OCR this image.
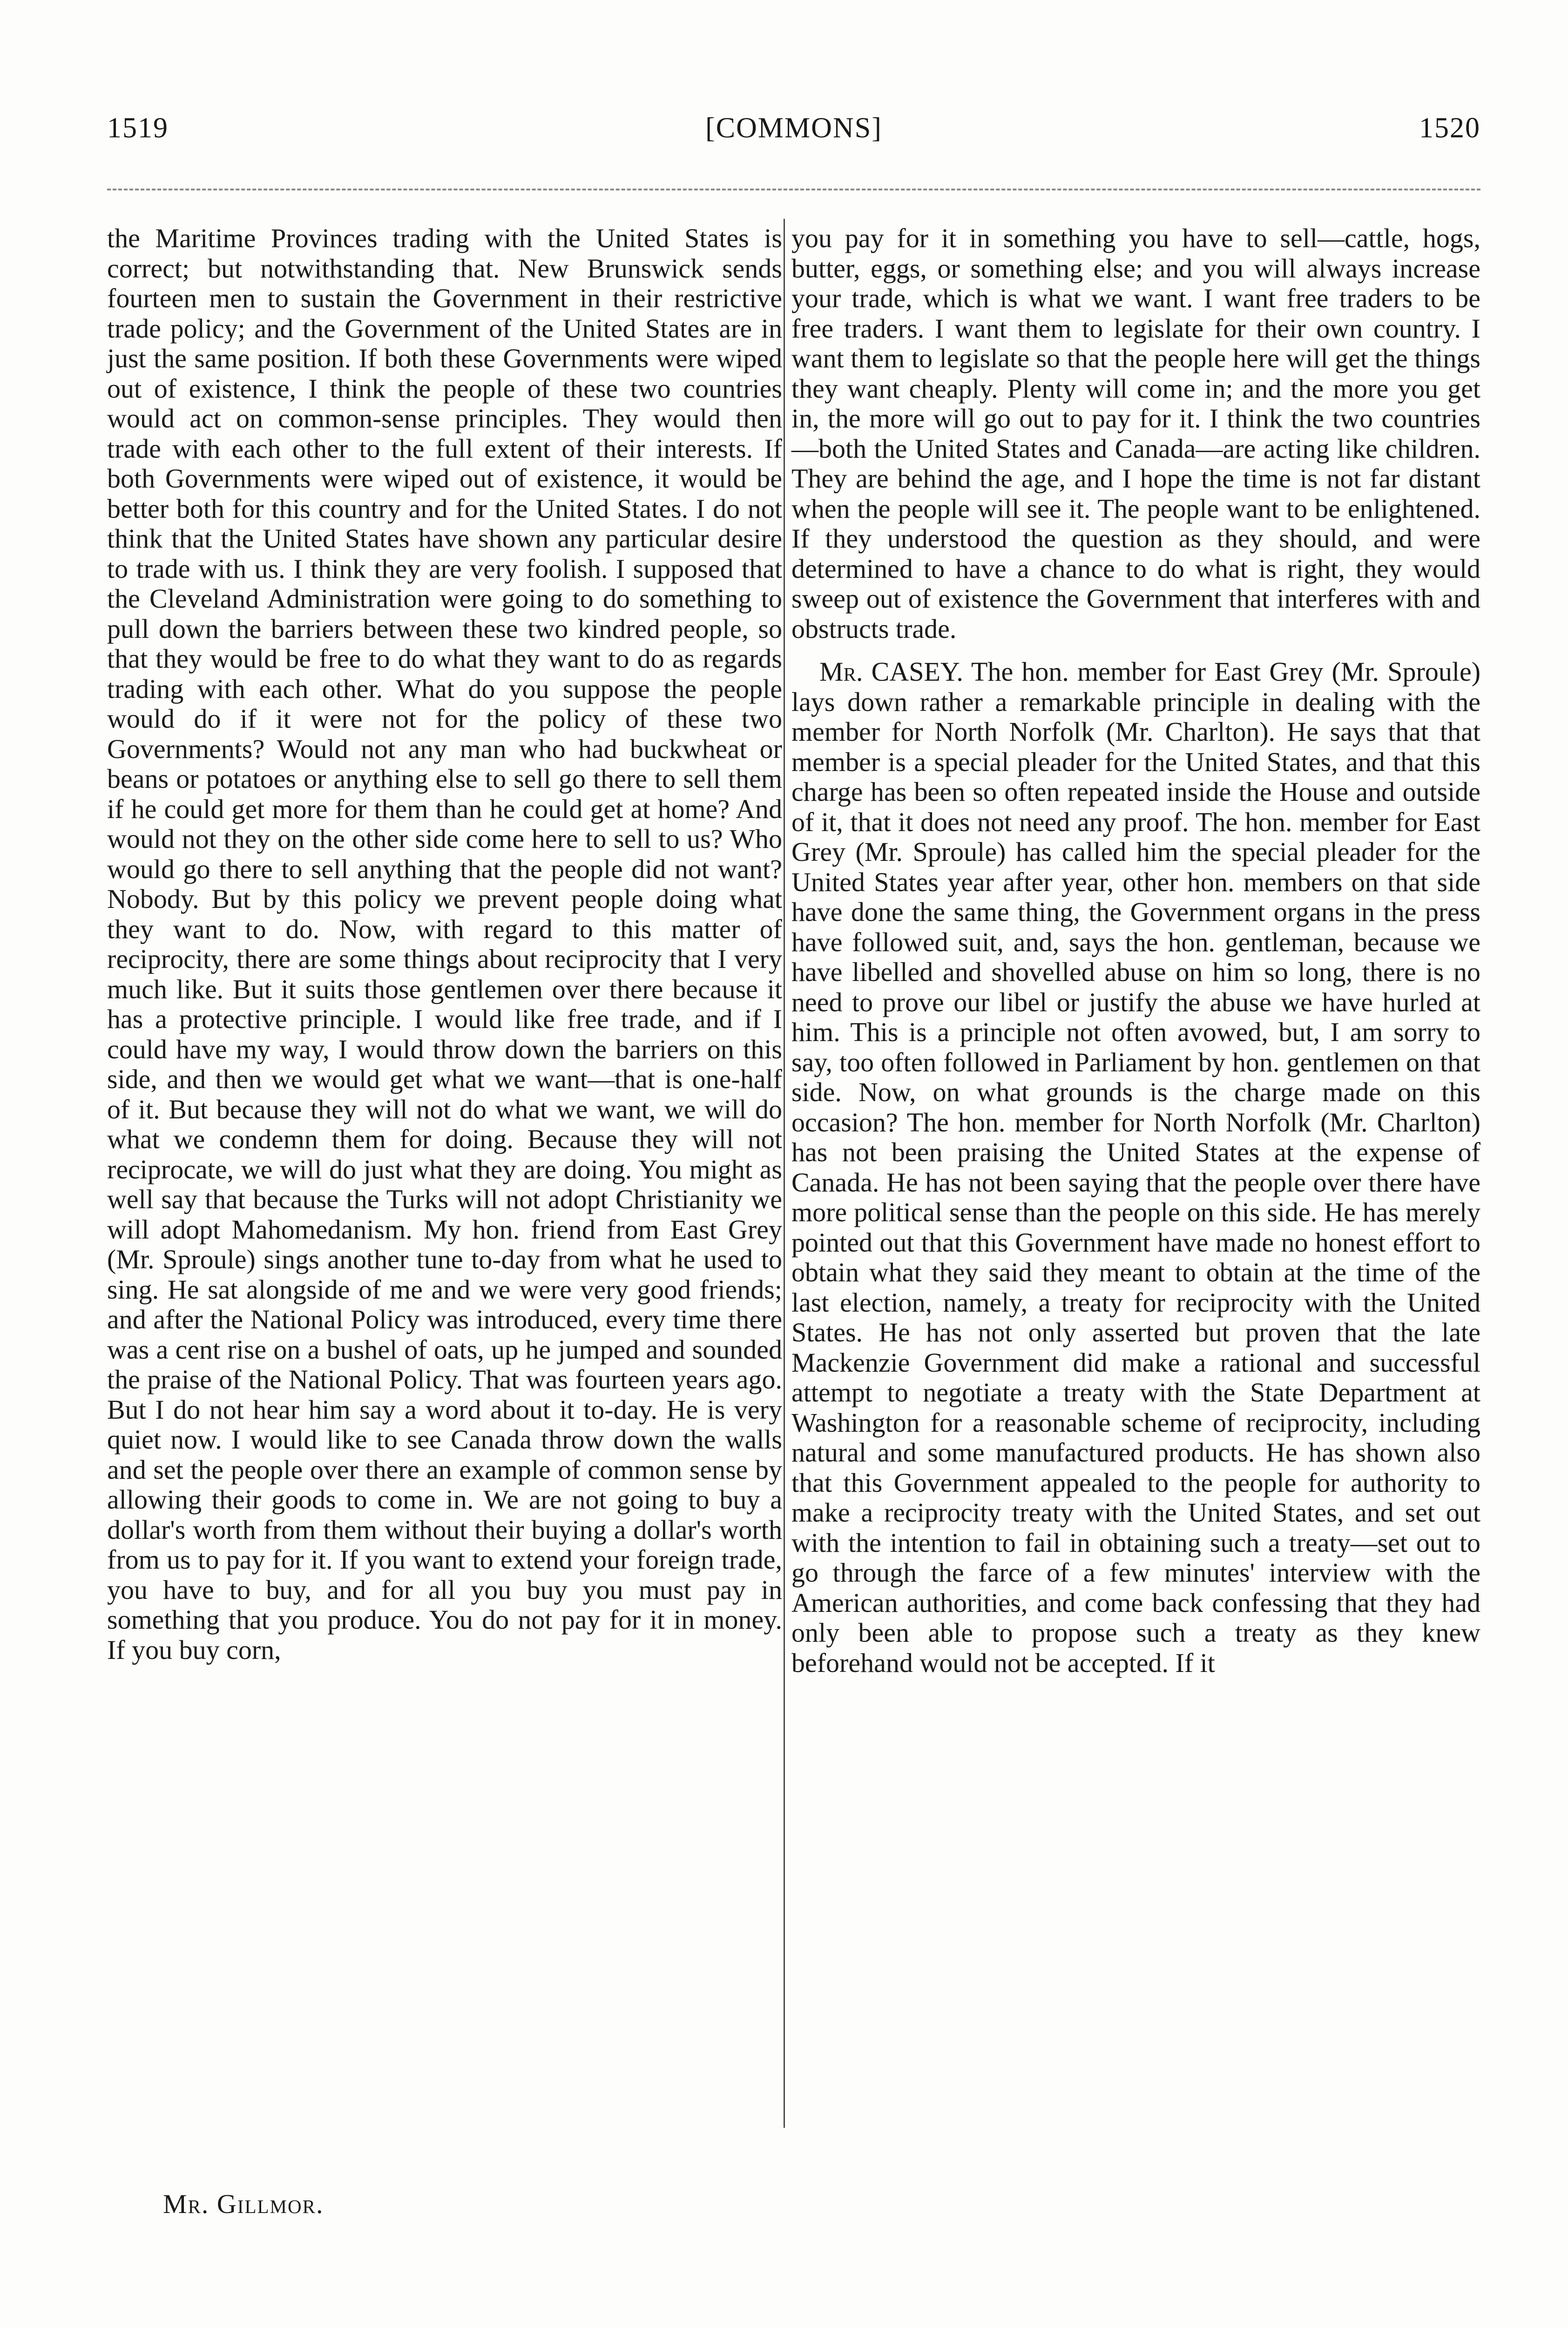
1519	[COMMONS]	1520

the Maritime Provinces trading with the United States is correct; but notwithstanding that. New Brunswick sends fourteen men to sustain the Government in their restrictive trade policy; and the Government of the United States are in just the same position. If both these Governments were wiped out of existence, I think the people of these two countries would act on common-sense principles. They would then trade with each other to the full extent of their interests. If both Governments were wiped out of existence, it would be better both for this country and for the United States. I do not think that the United States have shown any particular desire to trade with us. I think they are very foolish. I supposed that the Cleveland Administration were going to do something to pull down the barriers between these two kindred people, so that they would be free to do what they want to do as regards trading with each other. What do you suppose the people would do if it were not for the policy of these two Governments? Would not any man who had buckwheat or beans or potatoes or anything else to sell go there to sell them if he could get more for them than he could get at home? And would not they on the other side come here to sell to us? Who would go there to sell anything that the people did not want? Nobody. But by this policy we prevent people doing what they want to do. Now, with regard to this matter of reciprocity, there are some things about reciprocity that I very much like. But it suits those gentlemen over there because it has a protective principle. I would like free trade, and if I could have my way, I would throw down the barriers on this side, and then we would get what we want—that is one-half of it. But because they will not do what we want, we will do what we condemn them for doing. Because they will not reciprocate, we will do just what they are doing. You might as well say that because the Turks will not adopt Christianity we will adopt Mahomedanism. My hon. friend from East Grey (Mr. Sproule) sings another tune to-day from what he used to sing. He sat alongside of me and we were very good friends; and after the National Policy was introduced, every time there was a cent rise on a bushel of oats, up he jumped and sounded the praise of the National Policy. That was fourteen years ago. But I do not hear him say a word about it to-day. He is very quiet now. I would like to see Canada throw down the walls and set the people over there an example of common sense by allowing their goods to come in. We are not going to buy a dollar's worth from them without their buying a dollar's worth from us to pay for it. If you want to extend your foreign trade, you have to buy, and for all you buy you must pay in something that you produce. You do not pay for it in money. If you buy corn,

you pay for it in something you have to sell—cattle, hogs, butter, eggs, or something else; and you will always increase your trade, which is what we want. I want free traders to be free traders. I want them to legislate for their own country. I want them to legislate so that the people here will get the things they want cheaply. Plenty will come in; and the more you get in, the more will go out to pay for it. I think the two countries—both the United States and Canada—are acting like children. They are behind the age, and I hope the time is not far distant when the people will see it. The people want to be enlightened. If they understood the question as they should, and were determined to have a chance to do what is right, they would sweep out of existence the Government that interferes with and obstructs trade.

Mr. CASEY. The hon. member for East Grey (Mr. Sproule) lays down rather a remarkable principle in dealing with the member for North Norfolk (Mr. Charlton). He says that that member is a special pleader for the United States, and that this charge has been so often repeated inside the House and outside of it, that it does not need any proof. The hon. member for East Grey (Mr. Sproule) has called him the special pleader for the United States year after year, other hon. members on that side have done the same thing, the Government organs in the press have followed suit, and, says the hon. gentleman, because we have libelled and shovelled abuse on him so long, there is no need to prove our libel or justify the abuse we have hurled at him. This is a principle not often avowed, but, I am sorry to say, too often followed in Parliament by hon. gentlemen on that side. Now, on what grounds is the charge made on this occasion? The hon. member for North Norfolk (Mr. Charlton) has not been praising the United States at the expense of Canada. He has not been saying that the people over there have more political sense than the people on this side. He has merely pointed out that this Government have made no honest effort to obtain what they said they meant to obtain at the time of the last election, namely, a treaty for reciprocity with the United States. He has not only asserted but proven that the late Mackenzie Government did make a rational and successful attempt to negotiate a treaty with the State Department at Washington for a reasonable scheme of reciprocity, including natural and some manufactured products. He has shown also that this Government appealed to the people for authority to make a reciprocity treaty with the United States, and set out with the intention to fail in obtaining such a treaty—set out to go through the farce of a few minutes' interview with the American authorities, and come back confessing that they had only been able to propose such a treaty as they knew beforehand would not be accepted. If it

Mr. Gillmor.
